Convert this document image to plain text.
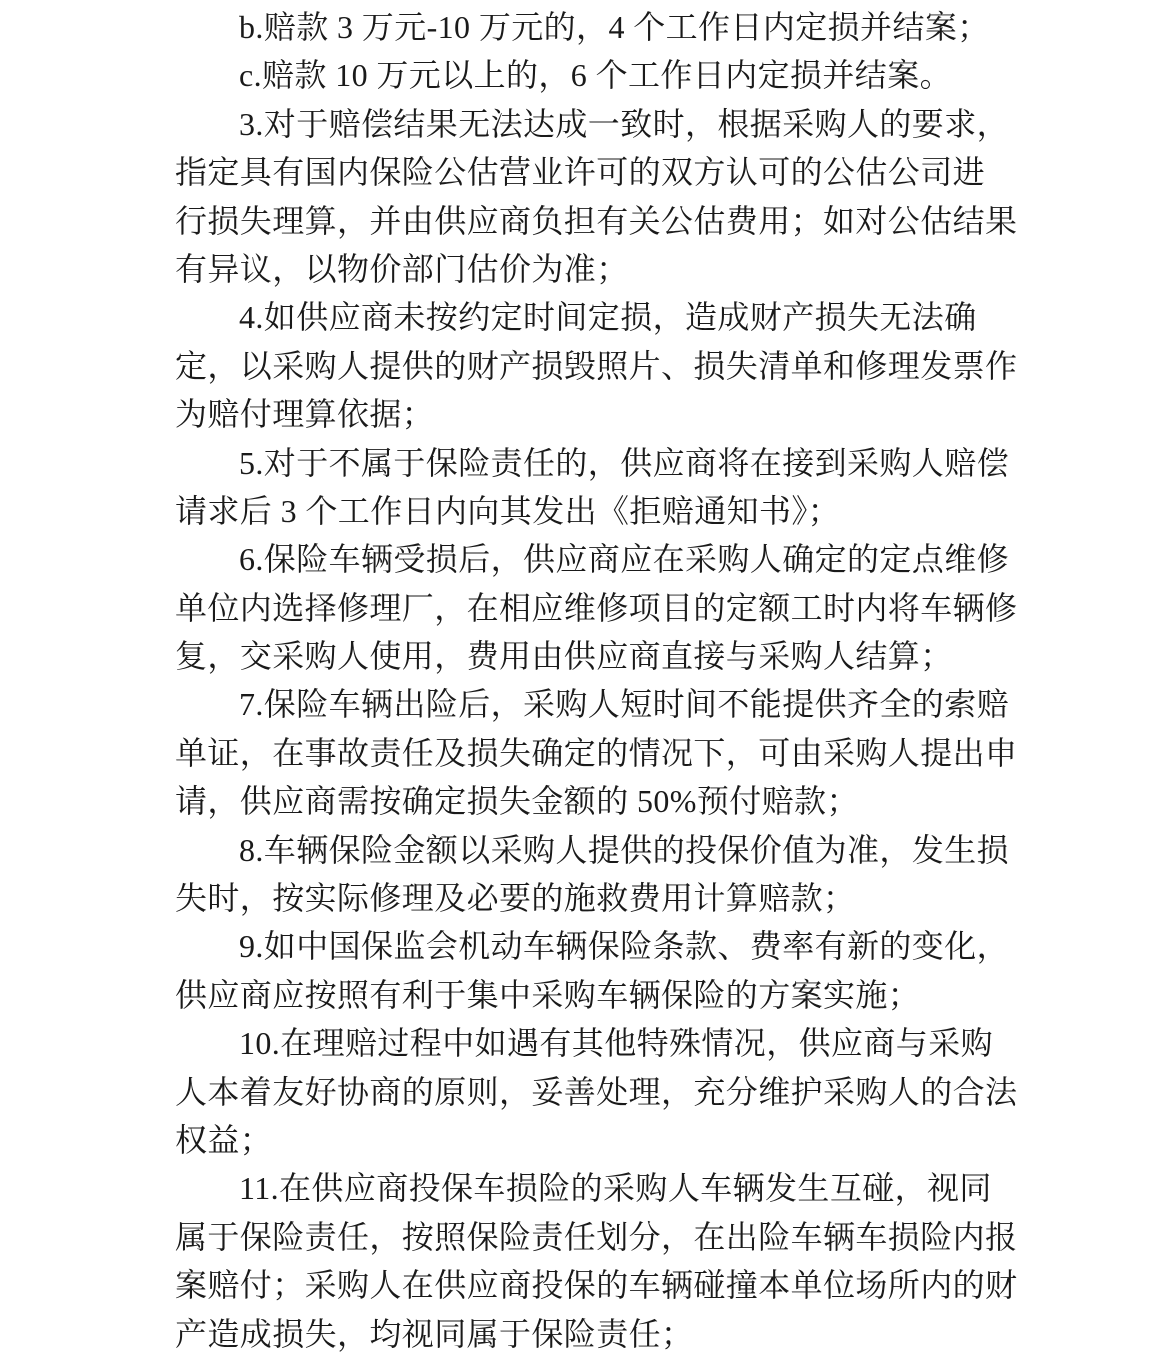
b.赔款 3 万元-10 万元的，4 个工作日内定损并结案；
c.赔款 10 万元以上的，6 个工作日内定损并结案。
3.对于赔偿结果无法达成一致时，根据采购人的要求，
指定具有国内保险公估营业许可的双方认可的公估公司进
行损失理算，并由供应商负担有关公估费用；如对公估结果
有异议，以物价部门估价为准；
4.如供应商未按约定时间定损，造成财产损失无法确
定，以采购人提供的财产损毁照片、损失清单和修理发票作
为赔付理算依据；
5.对于不属于保险责任的，供应商将在接到采购人赔偿
请求后 3 个工作日内向其发出《拒赔通知书》；
6.保险车辆受损后，供应商应在采购人确定的定点维修
单位内选择修理厂，在相应维修项目的定额工时内将车辆修
复，交采购人使用，费用由供应商直接与采购人结算；
7.保险车辆出险后，采购人短时间不能提供齐全的索赔
单证，在事故责任及损失确定的情况下，可由采购人提出申
请，供应商需按确定损失金额的 50%预付赔款；
8.车辆保险金额以采购人提供的投保价值为准，发生损
失时，按实际修理及必要的施救费用计算赔款；
9.如中国保监会机动车辆保险条款、费率有新的变化，
供应商应按照有利于集中采购车辆保险的方案实施；
10.在理赔过程中如遇有其他特殊情况，供应商与采购
人本着友好协商的原则，妥善处理，充分维护采购人的合法
权益；
11.在供应商投保车损险的采购人车辆发生互碰，视同
属于保险责任，按照保险责任划分，在出险车辆车损险内报
案赔付；采购人在供应商投保的车辆碰撞本单位场所内的财
产造成损失，均视同属于保险责任；
